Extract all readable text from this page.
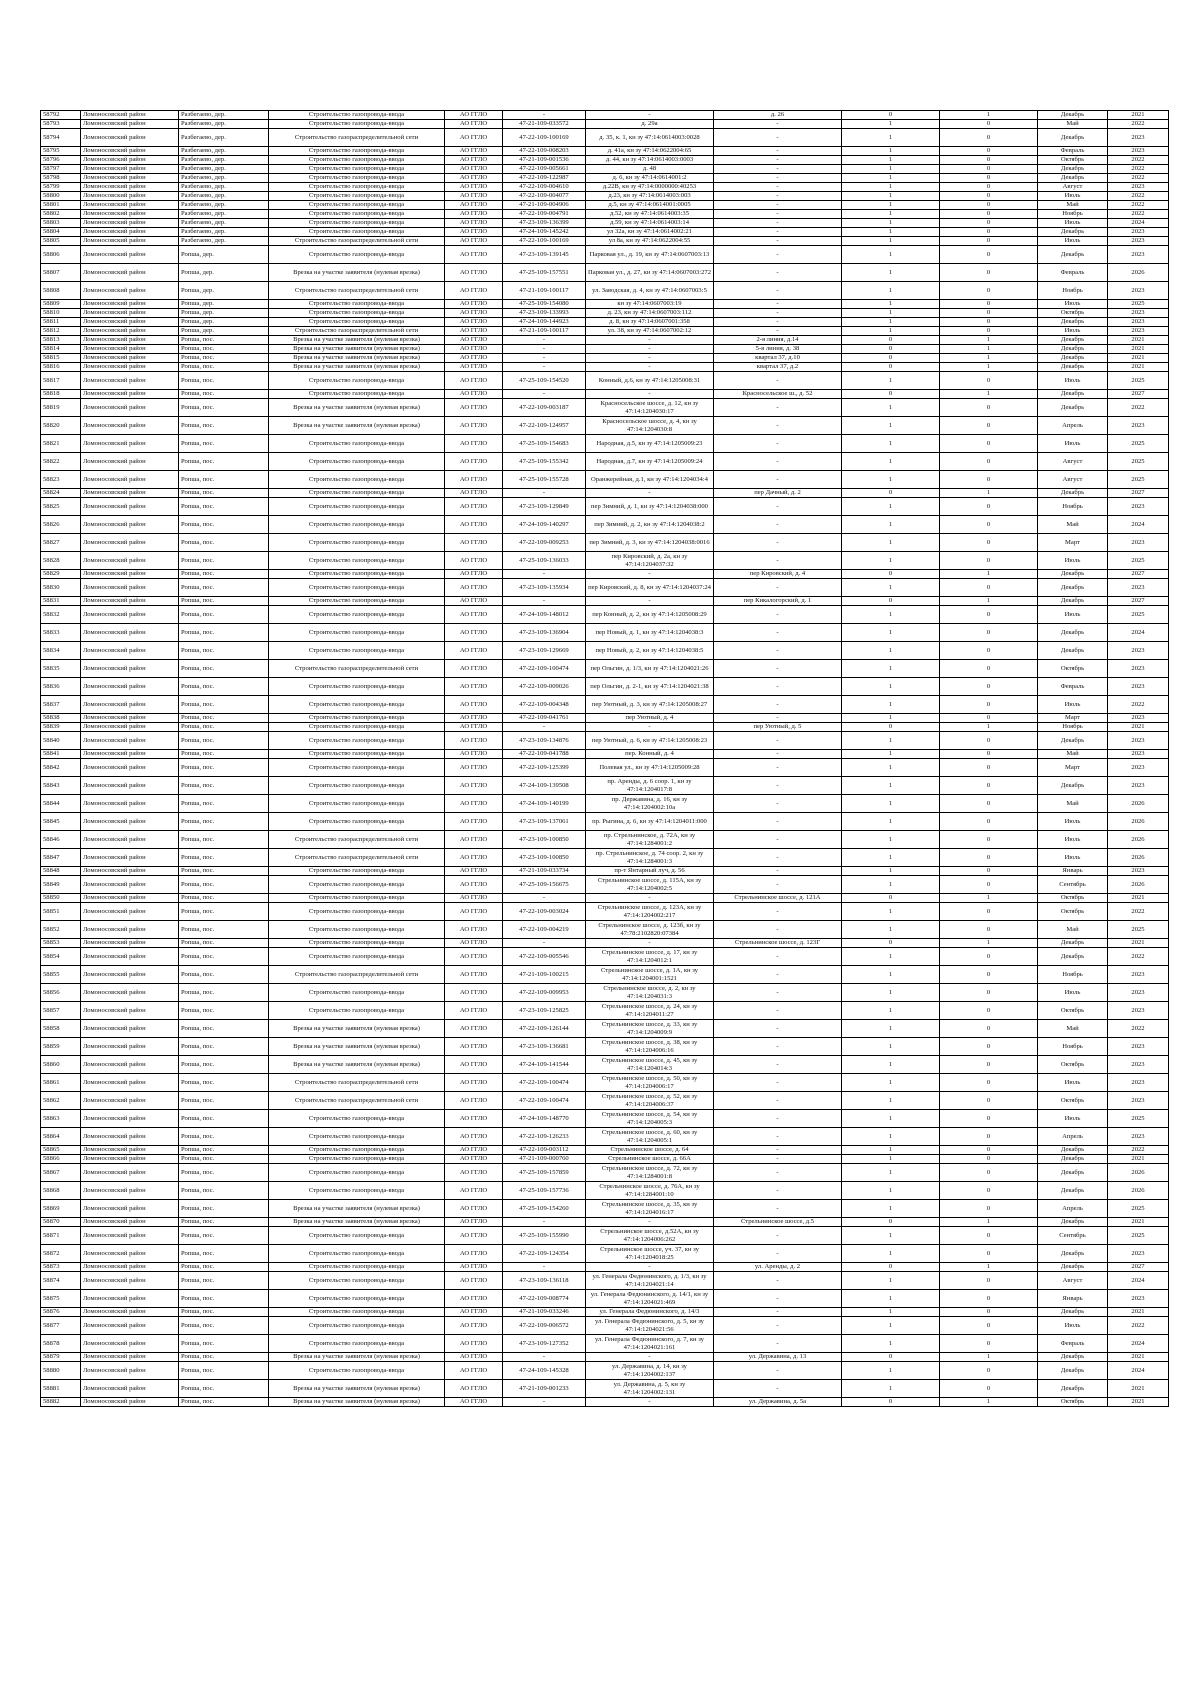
58792	Ломоносовский район	Разбегаево, дер.	Строительство газопровода-ввода	АО ГГЛО	-	-	д. 26	0	1	Декабрь	2021
58793	Ломоносовский район	Разбегаево, дер.	Строительство газопровода-ввода	АО ГГЛО	47-21-109-033572	д. 29а	-	1	0	Май	2022
58794	Ломоносовский район	Разбегаево, дер.	Строительство газораспределительной сети	АО ГГЛО	47-22-109-100169	д. 35, к. 1, кн зу 47:14:0614003:0028	-	1	0	Декабрь	2023
58795	Ломоносовский район	Разбегаево, дер.	Строительство газопровода-ввода	АО ГГЛО	47-22-109-008203	д. 41а, кн зу 47:14:0622004:65	-	1	0	Февраль	2023
58796	Ломоносовский район	Разбегаево, дер.	Строительство газопровода-ввода	АО ГГЛО	47-21-109-001536	д. 44, кн зу 47:14:0614003:0003	-	1	0	Октябрь	2022
58797	Ломоносовский район	Разбегаево, дер.	Строительство газопровода-ввода	АО ГГЛО	47-22-109-005661	д. 48	-	1	0	Декабрь	2022
58798	Ломоносовский район	Разбегаево, дер.	Строительство газопровода-ввода	АО ГГЛО	47-22-109-122987	д. 6, кн зу 47:14:0614001:2	-	1	0	Декабрь	2022
58799	Ломоносовский район	Разбегаево, дер.	Строительство газопровода-ввода	АО ГГЛО	47-22-109-004610	д.22В, кн зу 47:14:0000000:40253	-	1	0	Август	2023
58800	Ломоносовский район	Разбегаево, дер.	Строительство газопровода-ввода	АО ГГЛО	47-22-109-004077	д.23, кн зу 47:14:0614003:003	-	1	0	Июль	2022
58801	Ломоносовский район	Разбегаево, дер.	Строительство газопровода-ввода	АО ГГЛО	47-21-109-004906	д.5, кн зу 47:14:0614001:0005	-	1	0	Май	2022
58802	Ломоносовский район	Разбегаево, дер.	Строительство газопровода-ввода	АО ГГЛО	47-22-109-004791	д.52, кн зу 47:14:0614003:35	-	1	0	Ноябрь	2022
58803	Ломоносовский район	Разбегаево, дер.	Строительство газопровода-ввода	АО ГГЛО	47-23-109-136399	д.59, кн зу 47:14:0614003:14	-	1	0	Июль	2024
58804	Ломоносовский район	Разбегаево, дер.	Строительство газопровода-ввода	АО ГГЛО	47-24-109-145242	ул 32а, кн зу 47:14:0614002:21	-	1	0	Декабрь	2023
58805	Ломоносовский район	Разбегаево, дер.	Строительство газораспределительной сети	АО ГГЛО	47-22-109-100169	ул 8а, кн зу 47:14:0622004:55	-	1	0	Июль	2023
58806	Ломоносовский район	Ропша, дер.	Строительство газопровода-ввода	АО ГГЛО	47-23-109-139145	Парковая ул., д. 19, кн зу 47:14:0607003:13	-	1	0	Декабрь	2023
58807	Ломоносовский район	Ропша, дер.	Врезка на участке заявителя (нулевая врезка)	АО ГГЛО	47-25-109-157551	Парковая ул., д. 27, кн зу 47:14:0607003:272	-	1	0	Февраль	2026
58808	Ломоносовский район	Ропша, дер.	Строительство газораспределительной сети	АО ГГЛО	47-21-109-100117	ул. Заводская, д. 4, кн зу 47:14:0607003:5	-	1	0	Ноябрь	2023
58809	Ломоносовский район	Ропша, дер.	Строительство газопровода-ввода	АО ГГЛО	47-25-109-154080	кн зу 47:14:0607003:19	-	1	0	Июль	2025
58810	Ломоносовский район	Ропша, дер.	Строительство газопровода-ввода	АО ГГЛО	47-23-109-133993	д. 23, кн зу 47:14:0607003:112	-	1	0	Октябрь	2023
58811	Ломоносовский район	Ропша, дер.	Строительство газопровода-ввода	АО ГГЛО	47-24-109-144923	д. 8, кн зу 47:14:0607001:358	-	1	0	Декабрь	2023
58812	Ломоносовский район	Ропша, дер.	Строительство газораспределительной сети	АО ГГЛО	47-21-109-100117	ул. 38, кн зу 47:14:0607002:12	-	1	0	Июль	2023
58813	Ломоносовский район	Ропша, пос.	Врезка на участке заявителя (нулевая врезка)	АО ГГЛО	-	-	2-я линия, д.14	0	1	Декабрь	2021
58814	Ломоносовский район	Ропша, пос.	Врезка на участке заявителя (нулевая врезка)	АО ГГЛО	-	-	5-я линия, д. 38	0	1	Декабрь	2021
58815	Ломоносовский район	Ропша, пос.	Врезка на участке заявителя (нулевая врезка)	АО ГГЛО	-	-	квартал 37, д.10	0	1	Декабрь	2021
58816	Ломоносовский район	Ропша, пос.	Врезка на участке заявителя (нулевая врезка)	АО ГГЛО	-	-	квартал 37, д.2	0	1	Декабрь	2021
58817	Ломоносовский район	Ропша, пос.	Строительство газопровода-ввода	АО ГГЛО	47-25-109-154520	Конный, д.6, кн зу 47:14:1205008:31	-	1	0	Июль	2025
58818	Ломоносовский район	Ропша, пос.	Строительство газопровода-ввода	АО ГГЛО	-	-	Красносельское ш., д. 52	0	1	Декабрь	2027
58819	Ломоносовский район	Ропша, пос.	Врезка на участке заявителя (нулевая врезка)	АО ГГЛО	47-22-109-003187	Красносельское шоссе, д. 12, кн зу 47:14:1204030:17	-	1	0	Декабрь	2022
58820	Ломоносовский район	Ропша, пос.	Врезка на участке заявителя (нулевая врезка)	АО ГГЛО	47-22-109-124957	Красносельское шоссе, д. 4, кн зу 47:14:1204030:8	-	1	0	Апрель	2023
58821	Ломоносовский район	Ропша, пос.	Строительство газопровода-ввода	АО ГГЛО	47-25-109-154683	Народная, д.5, кн зу 47:14:1205009:23	-	1	0	Июль	2025
58822	Ломоносовский район	Ропша, пос.	Строительство газопровода-ввода	АО ГГЛО	47-25-109-155342	Народная, д.7, кн зу 47:14:1205009:24	-	1	0	Август	2025
58823	Ломоносовский район	Ропша, пос.	Строительство газопровода-ввода	АО ГГЛО	47-25-109-155728	Оранжерейная, д.1, кн зу 47:14:1204034:4	-	1	0	Август	2025
58824	Ломоносовский район	Ропша, пос.	Строительство газопровода-ввода	АО ГГЛО	-	-	пер Дачный, д. 2	0	1	Декабрь	2027
58825	Ломоносовский район	Ропша, пос.	Строительство газопровода-ввода	АО ГГЛО	47-23-109-129849	пер Зимний, д. 1, кн зу 47:14:1204038:000	-	1	0	Ноябрь	2023
58826	Ломоносовский район	Ропша, пос.	Строительство газопровода-ввода	АО ГГЛО	47-24-109-140297	пер Зимний, д. 2, кн зу 47:14:1204038:2	-	1	0	Май	2024
58827	Ломоносовский район	Ропша, пос.	Строительство газопровода-ввода	АО ГГЛО	47-22-109-009253	пер Зимний, д. 3, кн зу 47:14:1204038:0016	-	1	0	Март	2023
58828	Ломоносовский район	Ропша, пос.	Строительство газопровода-ввода	АО ГГЛО	47-25-109-136033	пер Кировский, д. 2а, кн зу 47:14:1204037:32	-	1	0	Июль	2025
58829	Ломоносовский район	Ропша, пос.	Строительство газопровода-ввода	АО ГГЛО	-	-	пер Кировский, д. 4	0	1	Декабрь	2027
58830	Ломоносовский район	Ропша, пос.	Строительство газопровода-ввода	АО ГГЛО	47-23-109-135934	пер Кировский, д. 8, кн зу 47:14:1204037:24	-	1	0	Декабрь	2023
58831	Ломоносовский район	Ропша, пос.	Строительство газопровода-ввода	АО ГГЛО	-	-	пер Кикалогорский, д. 1	0	1	Декабрь	2027
58832	Ломоносовский район	Ропша, пос.	Строительство газопровода-ввода	АО ГГЛО	47-24-109-148012	пер Конный, д. 2, кн зу 47:14:1205008:29	-	1	0	Июль	2025
58833	Ломоносовский район	Ропша, пос.	Строительство газопровода-ввода	АО ГГЛО	47-23-109-136904	пер Новый, д. 1, кн зу 47:14:1204038:3	-	1	0	Декабрь	2024
58834	Ломоносовский район	Ропша, пос.	Строительство газопровода-ввода	АО ГГЛО	47-23-109-129669	пер Новый, д. 2, кн зу 47:14:1204038:5	-	1	0	Декабрь	2023
58835	Ломоносовский район	Ропша, пос.	Строительство газораспределительной сети	АО ГГЛО	47-22-109-100474	пер Ольгин, д. 1/3, кн зу 47:14:1204021:26	-	1	0	Октябрь	2023
58836	Ломоносовский район	Ропша, пос.	Строительство газопровода-ввода	АО ГГЛО	47-22-109-009026	пер Ольгин, д. 2-1, кн зу 47:14:1204021:38	-	1	0	Февраль	2023
58837	Ломоносовский район	Ропша, пос.	Строительство газопровода-ввода	АО ГГЛО	47-22-109-004348	пер Уютный, д. 3, кн зу 47:14:1205008:27	-	1	0	Июль	2022
58838	Ломоносовский район	Ропша, пос.	Строительство газопровода-ввода	АО ГГЛО	47-22-109-041761	пер Уютный, д. 4	-	1	0	Март	2023
58839	Ломоносовский район	Ропша, пос.	Строительство газопровода-ввода	АО ГГЛО	-	-	пер Уютный, д. 5	0	1	Ноябрь	2021
58840	Ломоносовский район	Ропша, пос.	Строительство газопровода-ввода	АО ГГЛО	47-23-109-134876	пер Уютный, д. 6, кн зу 47:14:1205008:23	-	1	0	Декабрь	2023
58841	Ломоносовский район	Ропша, пос.	Строительство газопровода-ввода	АО ГГЛО	47-22-109-041788	пер. Конный, д. 4	-	1	0	Май	2023
58842	Ломоносовский район	Ропша, пос.	Строительство газопровода-ввода	АО ГГЛО	47-22-109-125399	Полевая ул., кн зу 47:14:1205009:28	-	1	0	Март	2023
58843	Ломоносовский район	Ропша, пос.	Строительство газопровода-ввода	АО ГГЛО	47-24-109-139508	пр. Аренды, д. 6 соор. 1, кн зу 47:14:1204017:8	-	1	0	Декабрь	2023
58844	Ломоносовский район	Ропша, пос.	Строительство газопровода-ввода	АО ГГЛО	47-24-109-140199	пр. Державина, д. 16, кн зу 47:14:1204002:10а	-	1	0	Май	2026
58845	Ломоносовский район	Ропша, пос.	Строительство газопровода-ввода	АО ГГЛО	47-23-109-137061	пр. Рыгина, д. 6, кн зу 47:14:1204011:000	-	1	0	Июль	2026
58846	Ломоносовский район	Ропша, пос.	Строительство газораспределительной сети	АО ГГЛО	47-23-109-100850	пр. Стрельнинское, д. 72А, кн зу 47:14:1284001:2	-	1	0	Июль	2026
58847	Ломоносовский район	Ропша, пос.	Строительство газораспределительной сети	АО ГГЛО	47-23-109-100850	пр. Стрельнинское, д. 74 соор. 2, кн зу 47:14:1284001:3	-	1	0	Июль	2026
58848	Ломоносовский район	Ропша, пос.	Строительство газопровода-ввода	АО ГГЛО	47-21-109-033734	пр-т Янтарный луч, д. 56	-	1	0	Январь	2023
58849	Ломоносовский район	Ропша, пос.	Строительство газопровода-ввода	АО ГГЛО	47-25-109-156675	Стрельнинское шоссе, д. 115А, кн зу 47:14:1204002:5	-	1	0	Сентябрь	2026
58850	Ломоносовский район	Ропша, пос.	Строительство газопровода-ввода	АО ГГЛО	-	-	Стрельнинское шоссе, д. 121А	0	1	Октябрь	2021
58851	Ломоносовский район	Ропша, пос.	Строительство газопровода-ввода	АО ГГЛО	47-22-109-003024	Стрельнинское шоссе, д. 123А, кн зу 47:14:1204002:217	-	1	0	Октябрь	2022
58852	Ломоносовский район	Ропша, пос.	Строительство газопровода-ввода	АО ГГЛО	47-22-109-004219	Стрельнинское шоссе, д. 123б, кн зу 47:78:2102820:07384	-	1	0	Май	2025
58853	Ломоносовский район	Ропша, пос.	Строительство газопровода-ввода	АО ГГЛО	-	-	Стрельнинское шоссе, д. 123Г	0	1	Декабрь	2021
58854	Ломоносовский район	Ропша, пос.	Строительство газопровода-ввода	АО ГГЛО	47-22-109-005546	Стрельнинское шоссе, д. 17, кн зу 47:14:1204012:1	-	1	0	Декабрь	2022
58855	Ломоносовский район	Ропша, пос.	Строительство газораспределительной сети	АО ГГЛО	47-21-109-100215	Стрельнинское шоссе, д. 1А, кн зу 47:14:1204001:1521	-	1	0	Ноябрь	2023
58856	Ломоносовский район	Ропша, пос.	Строительство газопровода-ввода	АО ГГЛО	47-22-109-009953	Стрельнинское шоссе, д. 2, кн зу 47:14:1204031:3	-	1	0	Июль	2023
58857	Ломоносовский район	Ропша, пос.	Строительство газопровода-ввода	АО ГГЛО	47-23-109-125825	Стрельнинское шоссе, д. 24, кн зу 47:14:1204011:27	-	1	0	Октябрь	2023
58858	Ломоносовский район	Ропша, пос.	Врезка на участке заявителя (нулевая врезка)	АО ГГЛО	47-22-109-126144	Стрельнинское шоссе, д. 33, кн зу 47:14:1204009:9	-	1	0	Май	2022
58859	Ломоносовский район	Ропша, пос.	Врезка на участке заявителя (нулевая врезка)	АО ГГЛО	47-23-109-136681	Стрельнинское шоссе, д. 38, кн зу 47:14:1204006:16	-	1	0	Ноябрь	2023
58860	Ломоносовский район	Ропша, пос.	Врезка на участке заявителя (нулевая врезка)	АО ГГЛО	47-24-109-141544	Стрельнинское шоссе, д. 45, кн зу 47:14:1204014:3	-	1	0	Октябрь	2023
58861	Ломоносовский район	Ропша, пос.	Строительство газораспределительной сети	АО ГГЛО	47-22-109-100474	Стрельнинское шоссе, д. 50, кн зу 47:14:1204006:17	-	1	0	Июль	2023
58862	Ломоносовский район	Ропша, пос.	Строительство газораспределительной сети	АО ГГЛО	47-22-109-100474	Стрельнинское шоссе, д. 52, кн зу 47:14:1204006:37	-	1	0	Октябрь	2023
58863	Ломоносовский район	Ропша, пос.	Строительство газопровода-ввода	АО ГГЛО	47-24-109-148770	Стрельнинское шоссе, д. 54, кн зу 47:14:1204005:3	-	1	0	Июль	2025
58864	Ломоносовский район	Ропша, пос.	Строительство газопровода-ввода	АО ГГЛО	47-22-109-126233	Стрельнинское шоссе, д. 60, кн зу 47:14:1204005:1	-	1	0	Апрель	2023
58865	Ломоносовский район	Ропша, пос.	Строительство газопровода-ввода	АО ГГЛО	47-22-109-003112	Стрельнинское шоссе, д. 64	-	1	0	Декабрь	2022
58866	Ломоносовский район	Ропша, пос.	Строительство газопровода-ввода	АО ГГЛО	47-21-109-000760	Стрельнинское шоссе, д. 66А	-	1	0	Декабрь	2021
58867	Ломоносовский район	Ропша, пос.	Строительство газопровода-ввода	АО ГГЛО	47-25-109-157859	Стрельнинское шоссе, д. 72, кн зу 47:14:1284001:8	-	1	0	Декабрь	2026
58868	Ломоносовский район	Ропша, пос.	Строительство газопровода-ввода	АО ГГЛО	47-25-109-157736	Стрельнинское шоссе, д. 76А, кн зу 47:14:1284001:10	-	1	0	Декабрь	2026
58869	Ломоносовский район	Ропша, пос.	Врезка на участке заявителя (нулевая врезка)	АО ГГЛО	47-25-109-154260	Стрельнинское шоссе, д. 35, кн зу 47:14:1204016:17	-	1	0	Апрель	2025
58870	Ломоносовский район	Ропша, пос.	Врезка на участке заявителя (нулевая врезка)	АО ГГЛО	-	-	Стрельнинское шоссе, д.5	0	1	Декабрь	2021
58871	Ломоносовский район	Ропша, пос.	Строительство газопровода-ввода	АО ГГЛО	47-25-109-155990	Стрельнинское шоссе, д.52А, кн зу 47:14:1204006:262	-	1	0	Сентябрь	2025
58872	Ломоносовский район	Ропша, пос.	Строительство газопровода-ввода	АО ГГЛО	47-22-109-124354	Стрельнинское шоссе, уч. 37, кн зу 47:14:1204018:25	-	1	0	Декабрь	2023
58873	Ломоносовский район	Ропша, пос.	Строительство газопровода-ввода	АО ГГЛО	-	-	ул. Аренды, д. 2	0	1	Декабрь	2027
58874	Ломоносовский район	Ропша, пос.	Строительство газопровода-ввода	АО ГГЛО	47-23-109-136118	ул. Генерала Федюнинского, д. 1/3, кн зу 47:14:1204021:14	-	1	0	Август	2024
58875	Ломоносовский район	Ропша, пос.	Строительство газопровода-ввода	АО ГГЛО	47-22-109-008774	ул. Генерала Федюнинского, д. 14/1, кн зу 47:14:1204021:469	-	1	0	Январь	2023
58876	Ломоносовский район	Ропша, пос.	Строительство газопровода-ввода	АО ГГЛО	47-21-109-033246	ул. Генерала Федюнинского, д. 14/3	-	1	0	Декабрь	2021
58877	Ломоносовский район	Ропша, пос.	Строительство газопровода-ввода	АО ГГЛО	47-22-109-006572	ул. Генерала Федюнинского, д. 5, кн зу 47:14:1204021:56	-	1	0	Июль	2022
58878	Ломоносовский район	Ропша, пос.	Строительство газопровода-ввода	АО ГГЛО	47-23-109-127352	ул. Генерала Федюнинского, д. 7, кн зу 47:14:1204021:161	-	1	0	Февраль	2024
58879	Ломоносовский район	Ропша, пос.	Врезка на участке заявителя (нулевая врезка)	АО ГГЛО	-	-	ул. Державина, д. 13	0	1	Декабрь	2021
58880	Ломоносовский район	Ропша, пос.	Строительство газопровода-ввода	АО ГГЛО	47-24-109-145328	ул. Державина, д. 14, кн зу 47:14:1204002:137	-	1	0	Декабрь	2024
58881	Ломоносовский район	Ропша, пос.	Врезка на участке заявителя (нулевая врезка)	АО ГГЛО	47-21-109-001233	ул. Державина, д. 5, кн зу 47:14:1204002:131	-	1	0	Декабрь	2021
58882	Ломоносовский район	Ропша, пос.	Врезка на участке заявителя (нулевая врезка)	АО ГГЛО	-	-	ул. Державина, д. 5а	0	1	Октябрь	2021
